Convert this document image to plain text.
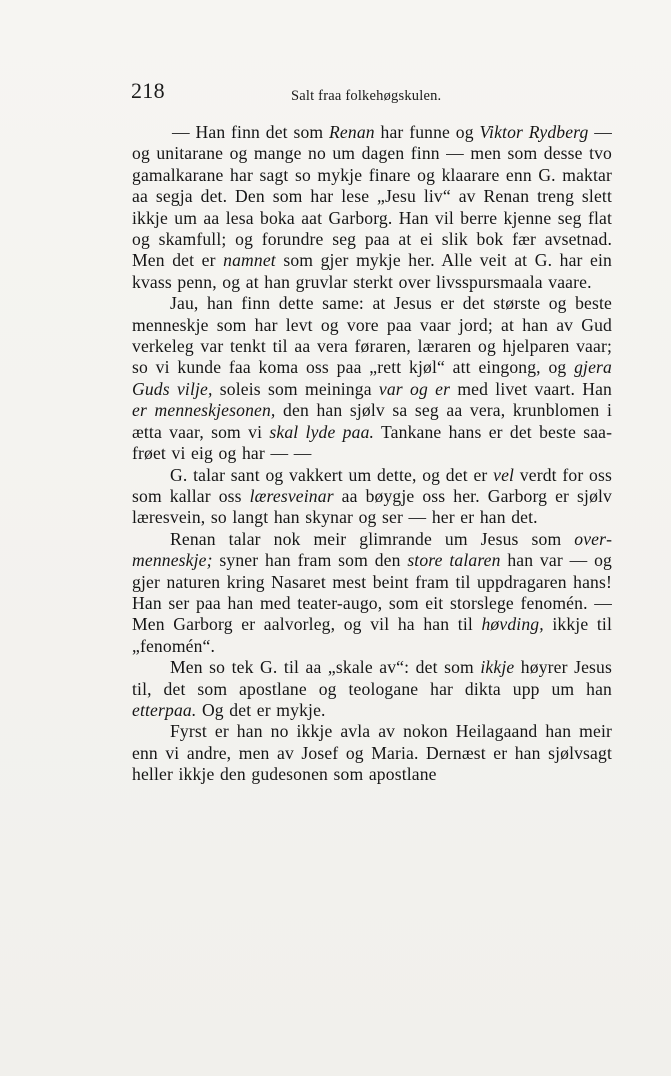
218	Salt fraa folkehøgskulen.

— Han finn det som Renan har funne og Viktor Rydberg — og unitarane og mange no um dagen finn — men som desse tvo gamalkarane har sagt so mykje finare og klaarare enn G. maktar aa segja det. Den som har lese „Jesu liv“ av Renan treng slett ikkje um aa lesa boka aat Garborg. Han vil berre kjenne seg flat og skamfull; og forundre seg paa at ei slik bok fær avsetnad. Men det er namnet som gjer mykje her. Alle veit at G. har ein kvass penn, og at han gruvlar sterkt over livsspursmaala vaare.

Jau, han finn dette same: at Jesus er det største og beste menneskje som har levt og vore paa vaar jord; at han av Gud verkeleg var tenkt til aa vera føraren, læraren og hjelparen vaar; so vi kunde faa koma oss paa „rett kjøl“ att eingong, og gjera Guds vilje, soleis som meininga var og er med livet vaart. Han er menneskjesonen, den han sjølv sa seg aa vera, krunblomen i ætta vaar, som vi skal lyde paa. Tankane hans er det beste saafrøet vi eig og har — —

G. talar sant og vakkert um dette, og det er vel verdt for oss som kallar oss læresveinar aa bøygje oss her. Garborg er sjølv læresvein, so langt han skynar og ser — her er han det.

Renan talar nok meir glimrande um Jesus som overmenneskje; syner han fram som den store talaren han var — og gjer naturen kring Nasaret mest beint fram til uppdragaren hans! Han ser paa han med teater-augo, som eit storslege fenomén. — Men Garborg er aalvorleg, og vil ha han til høvding, ikkje til „fenomén“.

Men so tek G. til aa „skale av“: det som ikkje høyrer Jesus til, det som apostlane og teologane har dikta upp um han etterpaa. Og det er mykje.

Fyrst er han no ikkje avla av nokon Heilagaand han meir enn vi andre, men av Josef og Maria. Dernæst er han sjølvsagt heller ikkje den gudesonen som apostlane
